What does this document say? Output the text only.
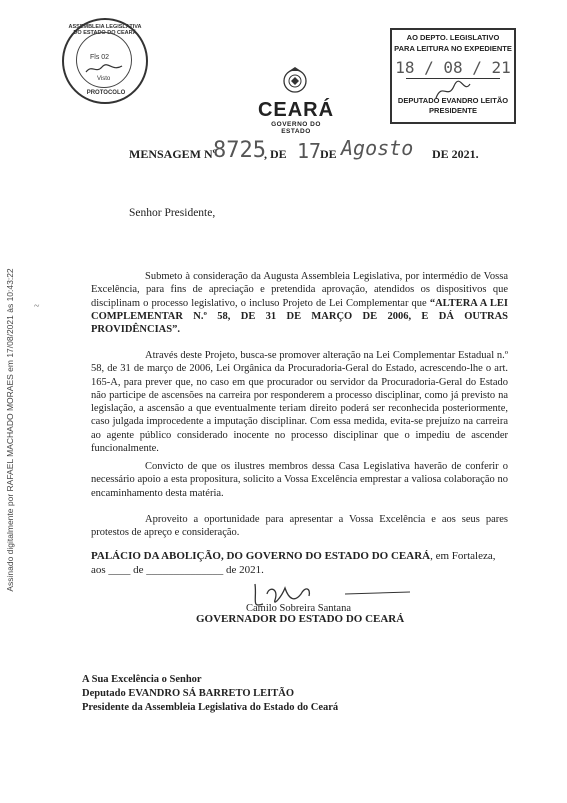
ASSEMBLEIA LEGISLATIVA DO ESTADO DO CEARÁ
Fls 02
Visto
PROTOCOLO
CEARÁ
GOVERNO DO ESTADO
AO DEPTO. LEGISLATIVO
PARA LEITURA NO EXPEDIENTE
18 / 08 / 21
DEPUTADO EVANDRO LEITÃO
PRESIDENTE
MENSAGEM Nº
8725
, DE 17
DE Agosto DE 2021.
Senhor Presidente,
Submeto à consideração da Augusta Assembleia Legislativa, por intermédio de Vossa Excelência, para fins de apreciação e pretendida aprovação, atendidos os dispositivos que disciplinam o processo legislativo, o incluso Projeto de Lei Complementar que “ALTERA A LEI COMPLEMENTAR N.º 58, DE 31 DE MARÇO DE 2006, E DÁ OUTRAS PROVIDÊNCIAS”.
Através deste Projeto, busca-se promover alteração na Lei Complementar Estadual n.º 58, de 31 de março de 2006, Lei Orgânica da Procuradoria-Geral do Estado, acrescendo-lhe o art. 165-A, para prever que, no caso em que procurador ou servidor da Procuradoria-Geral do Estado não participe de ascensões na carreira por responderem a processo disciplinar, como já previsto na legislação, a ascensão a que eventualmente teriam direito poderá ser reconhecida posteriormente, caso julgada improcedente a imputação disciplinar. Com essa medida, evita-se prejuízo na carreira ao agente público considerado inocente no processo disciplinar que o impediu de ascender funcionalmente.
Convicto de que os ilustres membros dessa Casa Legislativa haverão de conferir o necessário apoio a esta propositura, solicito a Vossa Excelência emprestar a valiosa colaboração no encaminhamento desta matéria.
Aproveito a oportunidade para apresentar a Vossa Excelência e aos seus pares protestos de apreço e consideração.
PALÁCIO DA ABOLIÇÃO, DO GOVERNO DO ESTADO DO CEARÁ, em Fortaleza,
aos ____ de ______________ de 2021.
Camilo Sobreira Santana
GOVERNADOR DO ESTADO DO CEARÁ
A Sua Excelência o Senhor
Deputado EVANDRO SÁ BARRETO LEITÃO
Presidente da Assembleia Legislativa do Estado do Ceará
Assinado digitalmente por RAFAEL MACHADO MORAES em 17/08/2021 às 10:43:22 ~
